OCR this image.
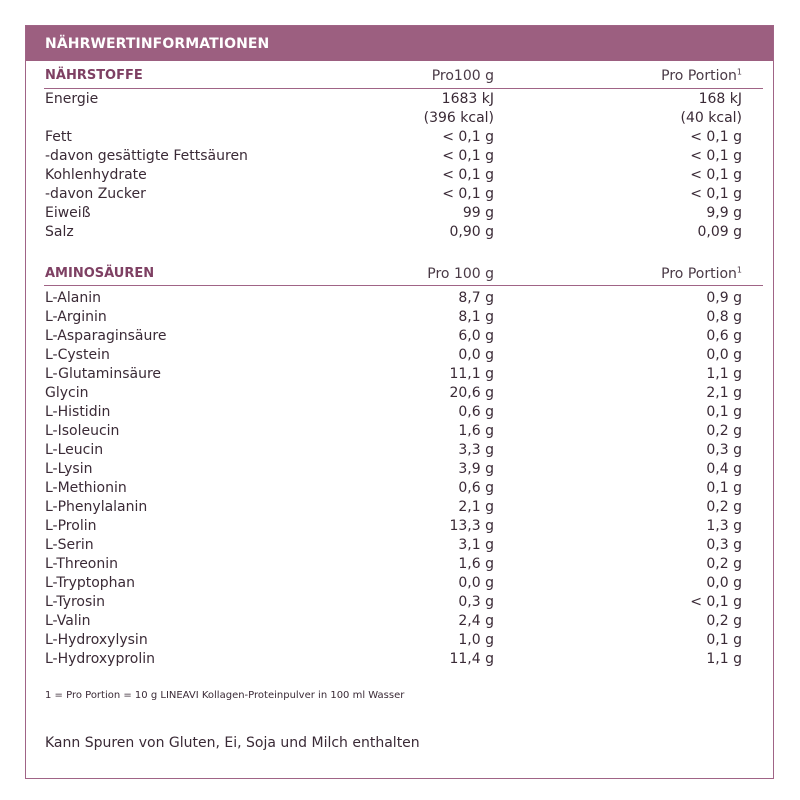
NÄHRWERTINFORMATIONEN
NÄHRSTOFFE	Pro100 g	Pro Portion$^1$
Energie	1683 kJ	168 kJ
(396 kcal)	(40 kcal)
Fett	< 0,1 g	< 0,1 g
-davon gesättigte Fettsäuren	< 0,1 g	< 0,1 g
Kohlenhydrate	< 0,1 g	< 0,1 g
-davon Zucker	< 0,1 g	< 0,1 g
Eiweiß	99 g	9,9 g
Salz	0,90 g	0,09 g
AMINOSÄUREN	Pro 100 g	Pro Portion$^1$
L-Alanin	8,7 g	0,9 g
L-Arginin	8,1 g	0,8 g
L-Asparaginsäure	6,0 g	0,6 g
L-Cystein	0,0 g	0,0 g
L-Glutaminsäure	11,1 g	1,1 g
Glycin	20,6 g	2,1 g
L-Histidin	0,6 g	0,1 g
L-Isoleucin	1,6 g	0,2 g
L-Leucin	3,3 g	0,3 g
L-Lysin	3,9 g	0,4 g
L-Methionin	0,6 g	0,1 g
L-Phenylalanin	2,1 g	0,2 g
L-Prolin	13,3 g	1,3 g
L-Serin	3,1 g	0,3 g
L-Threonin	1,6 g	0,2 g
L-Tryptophan	0,0 g	0,0 g
L-Tyrosin	0,3 g	< 0,1 g
L-Valin	2,4 g	0,2 g
L-Hydroxylysin	1,0 g	0,1 g
L-Hydroxyprolin	11,4 g	1,1 g
1 = Pro Portion = 10 g LINEAVI Kollagen-Proteinpulver in 100 ml Wasser
Kann Spuren von Gluten, Ei, Soja und Milch enthalten
